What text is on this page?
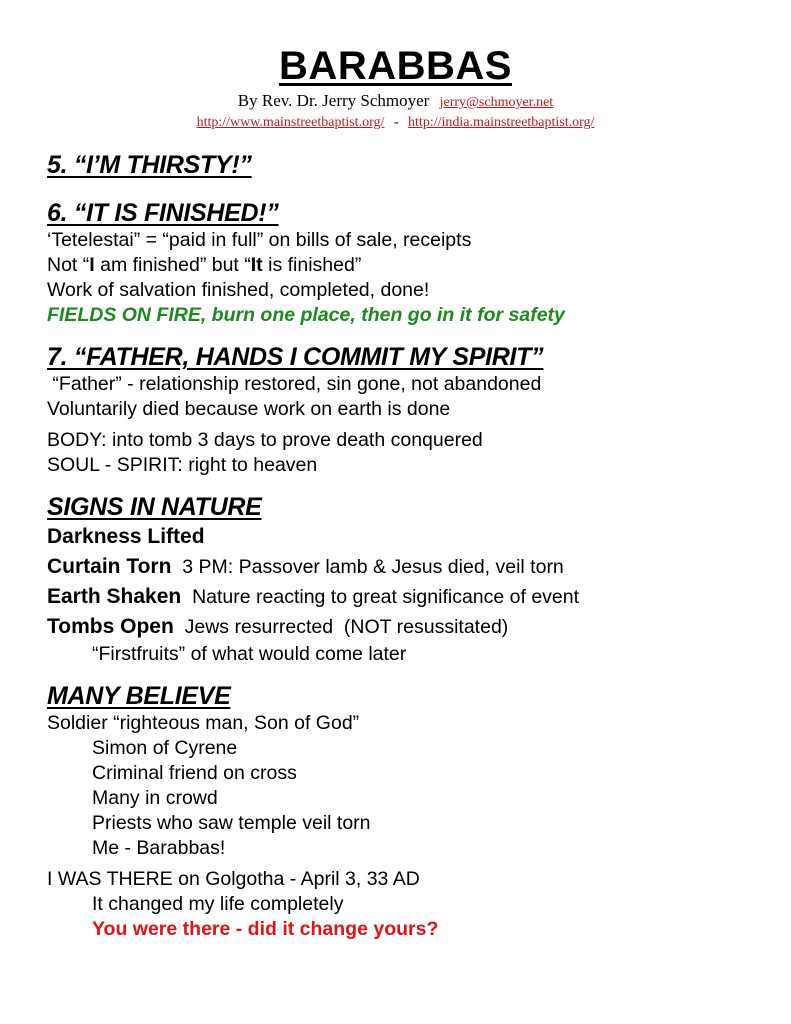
BARABBAS
By Rev. Dr. Jerry Schmoyer jerry@schmoyer.net
http://www.mainstreetbaptist.org/ - http://india.mainstreetbaptist.org/
5. “I’M THIRSTY!”
6. “IT IS FINISHED!”
‘Tetelestai” = “paid in full” on bills of sale, receipts
Not “I am finished” but “It is finished”
Work of salvation finished, completed, done!
FIELDS ON FIRE, burn one place, then go in it for safety
7. “FATHER, HANDS I COMMIT MY SPIRIT”
“Father” - relationship restored, sin gone, not abandoned
Voluntarily died because work on earth is done
BODY: into tomb 3 days to prove death conquered
SOUL - SPIRIT: right to heaven
SIGNS IN NATURE
Darkness Lifted
Curtain Torn 3 PM: Passover lamb & Jesus died, veil torn
Earth Shaken Nature reacting to great significance of event
Tombs Open Jews resurrected  (NOT resussitated)
“Firstfruits” of what would come later
MANY BELIEVE
Soldier “righteous man, Son of God”
Simon of Cyrene
Criminal friend on cross
Many in crowd
Priests who saw temple veil torn
Me - Barabbas!
I WAS THERE on Golgotha - April 3, 33 AD
It changed my life completely
You were there - did it change yours?
